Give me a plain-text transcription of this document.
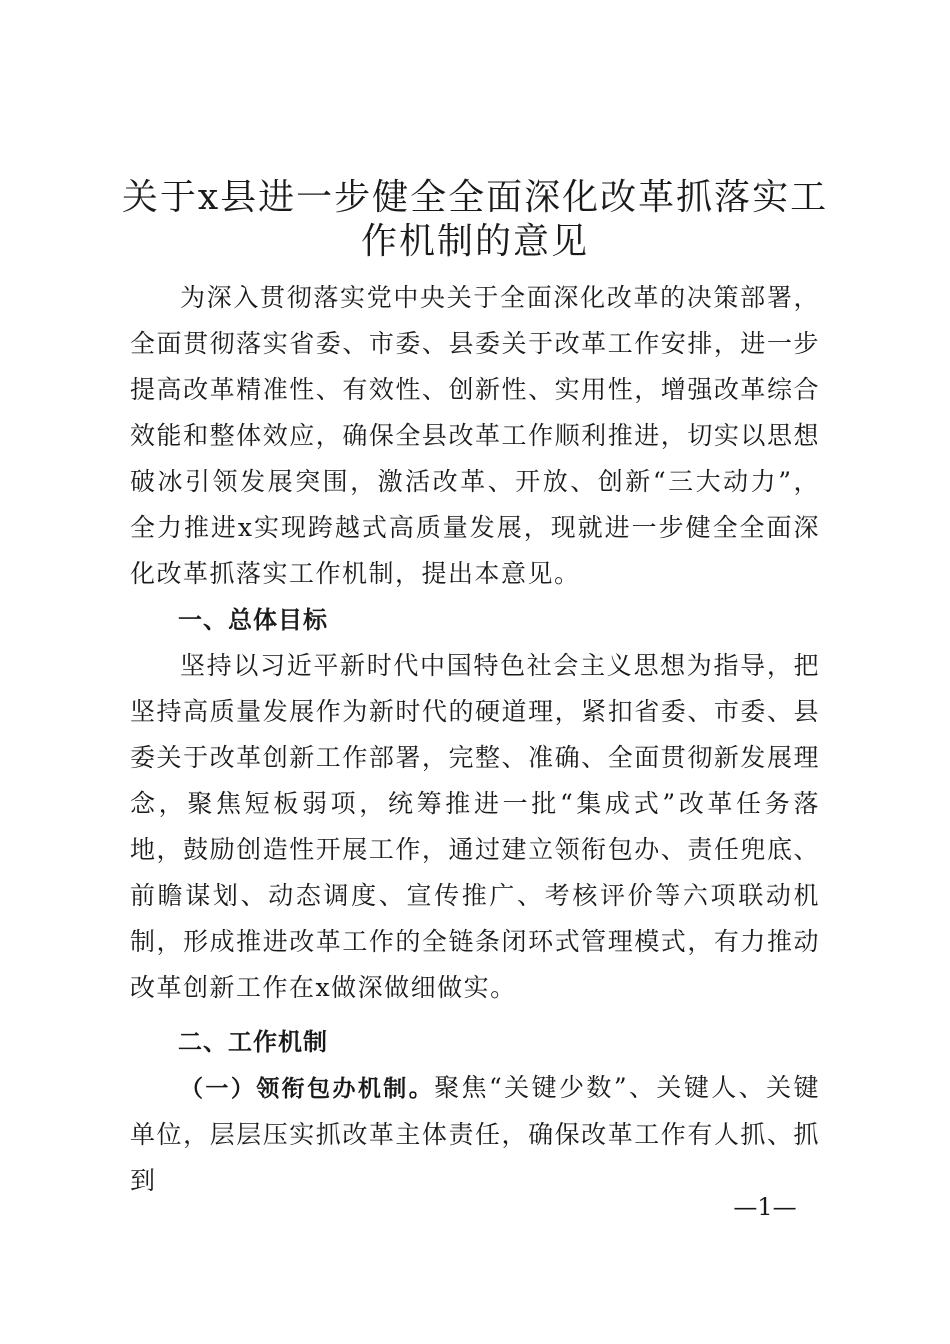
关于x县进一步健全全面深化改革抓落实工作机制的意见

为深入贯彻落实党中央关于全面深化改革的决策部署，全面贯彻落实省委、市委、县委关于改革工作安排，进一步提高改革精准性、有效性、创新性、实用性，增强改革综合效能和整体效应，确保全县改革工作顺利推进，切实以思想破冰引领发展突围，激活改革、开放、创新“三大动力”，全力推进x实现跨越式高质量发展，现就进一步健全全面深化改革抓落实工作机制，提出本意见。

一、总体目标

坚持以习近平新时代中国特色社会主义思想为指导，把坚持高质量发展作为新时代的硬道理，紧扣省委、市委、县委关于改革创新工作部署，完整、准确、全面贯彻新发展理念，聚焦短板弱项，统筹推进一批“集成式”改革任务落地，鼓励创造性开展工作，通过建立领衔包办、责任兜底、前瞻谋划、动态调度、宣传推广、考核评价等六项联动机制，形成推进改革工作的全链条闭环式管理模式，有力推动改革创新工作在x做深做细做实。

二、工作机制

（一）领衔包办机制。聚焦“关键少数”、关键人、关键单位，层层压实抓改革主体责任，确保改革工作有人抓、抓到

—1—
